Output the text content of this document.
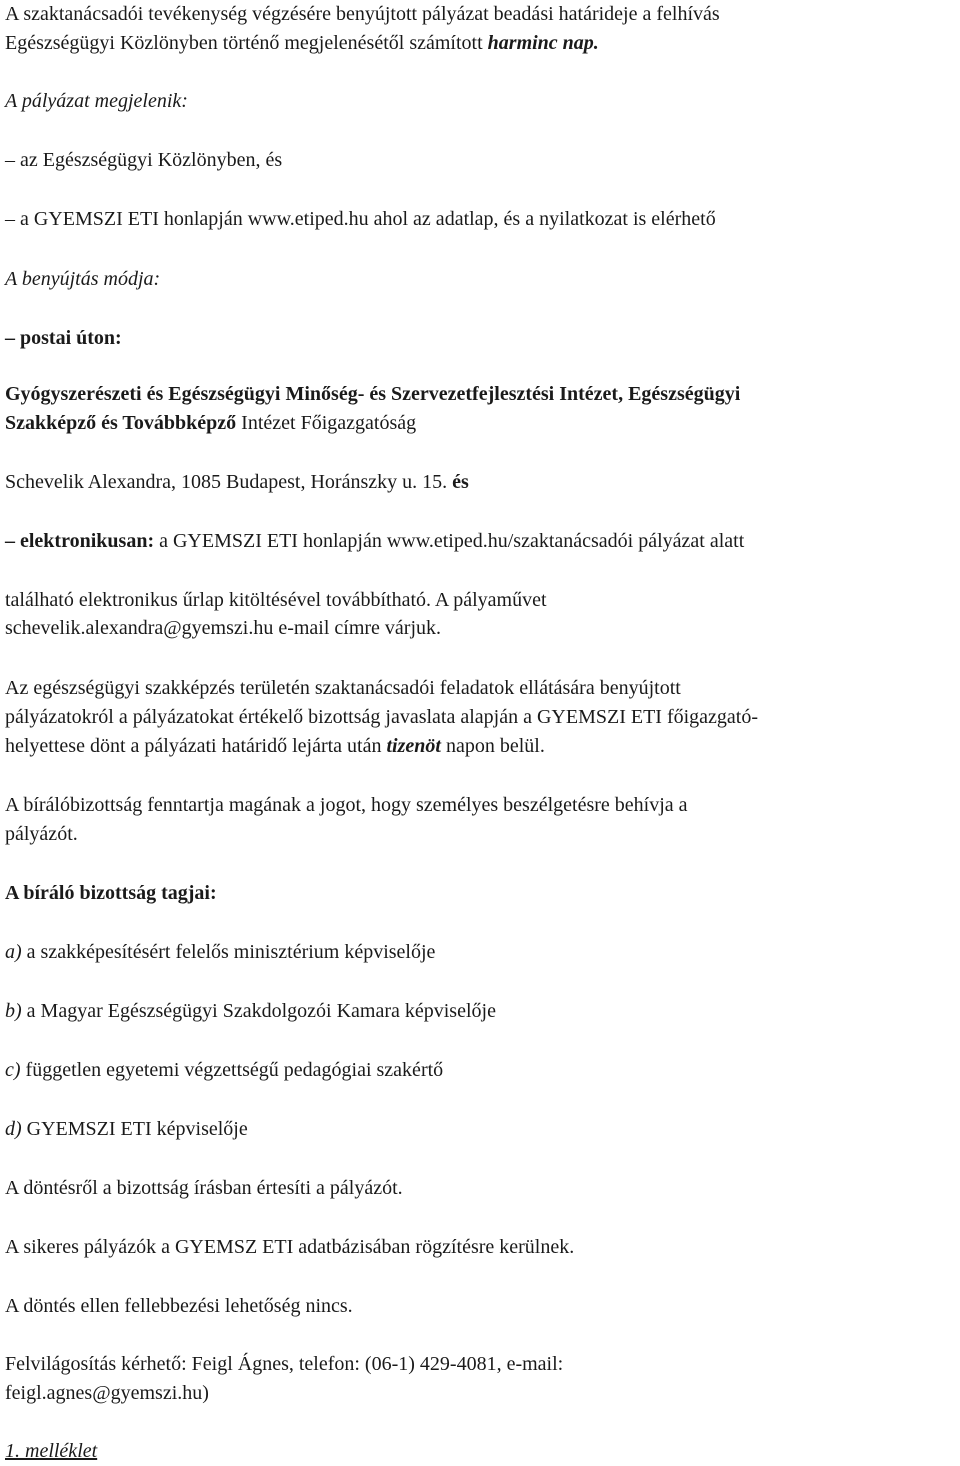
A szaktanácsadói tevékenység végzésére benyújtott pályázat beadási határideje a felhívás
Egészségügyi Közlönyben történő megjelenésétől számított harminc nap.
A pályázat megjelenik:
– az Egészségügyi Közlönyben, és
– a GYEMSZI ETI honlapján www.etiped.hu ahol az adatlap, és a nyilatkozat is elérhető
A benyújtás módja:
– postai úton:
Gyógyszerészeti és Egészségügyi Minőség- és Szervezetfejlesztési Intézet, Egészségügyi
Szakképző és Továbbképző Intézet Főigazgatóság
Schevelik Alexandra, 1085 Budapest, Horánszky u. 15. és
– elektronikusan: a GYEMSZI ETI honlapján www.etiped.hu/szaktanácsadói pályázat alatt
található elektronikus űrlap kitöltésével továbbítható. A pályaművet
schevelik.alexandra@gyemszi.hu e-mail címre várjuk.
Az egészségügyi szakképzés területén szaktanácsadói feladatok ellátására benyújtott
pályázatokról a pályázatokat értékelő bizottság javaslata alapján a GYEMSZI ETI főigazgató-
helyettese dönt a pályázati határidő lejárta után tizenöt napon belül.
A bírálóbizottság fenntartja magának a jogot, hogy személyes beszélgetésre behívja a
pályázót.
A bíráló bizottság tagjai:
a) a szakképesítésért felelős minisztérium képviselője
b) a Magyar Egészségügyi Szakdolgozói Kamara képviselője
c) független egyetemi végzettségű pedagógiai szakértő
d) GYEMSZI ETI képviselője
A döntésről a bizottság írásban értesíti a pályázót.
A sikeres pályázók a GYEMSZ ETI adatbázisában rögzítésre kerülnek.
A döntés ellen fellebbezési lehetőség nincs.
Felvilágosítás kérhető: Feigl Ágnes, telefon: (06-1) 429-4081, e-mail:
feigl.agnes@gyemszi.hu)
1. melléklet
